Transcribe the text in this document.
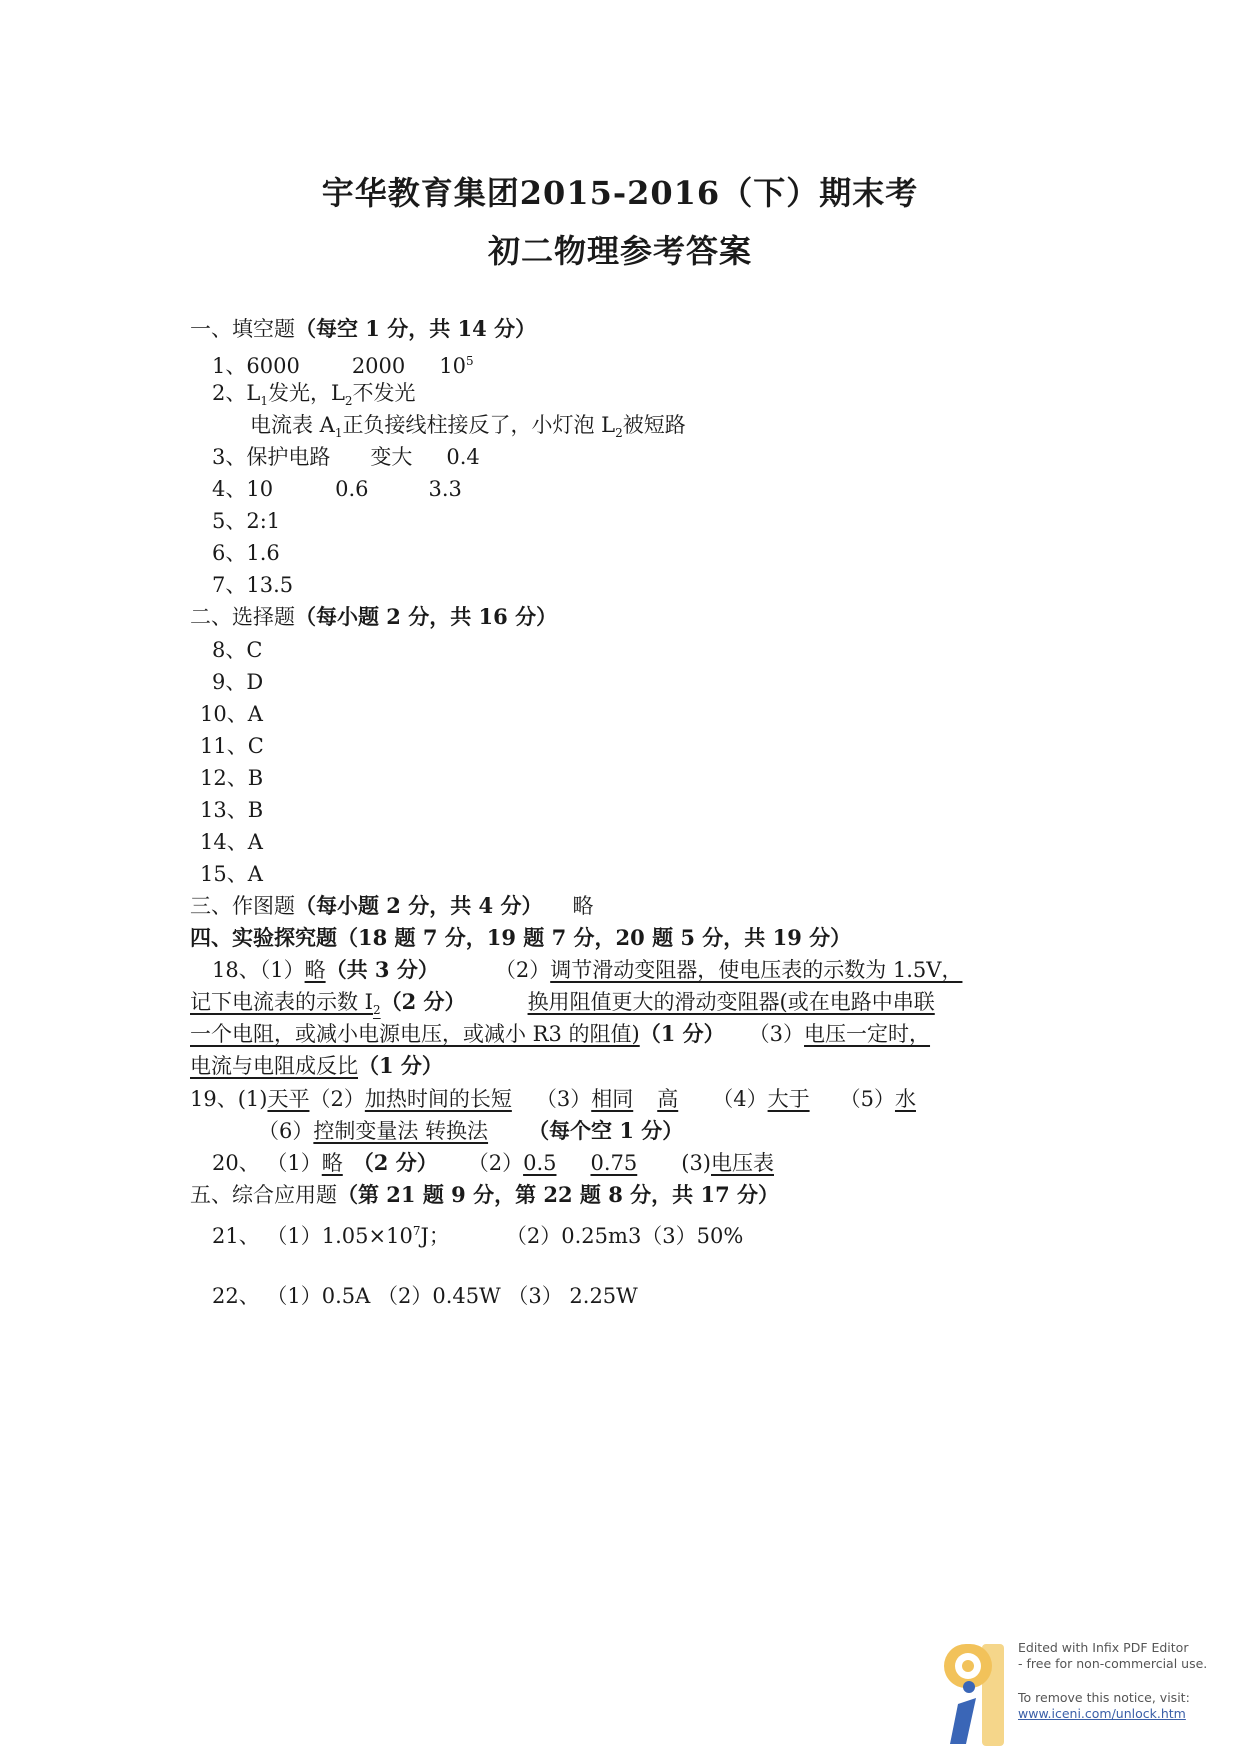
宇华教育集团2015-2016（下）期末考
初二物理参考答案
一、填空题（每空 1 分，共 14 分）
1、6000 2000 $10^5$
2、$L_1$发光，$L_2$不发光
电流表 $A_1$正负接线柱接反了，小灯泡 $L_2$被短路
3、保护电路 变大 0.4
4、10	0.6	3.3
5、2:1
6、1.6
7、13.5
二、选择题（每小题 2 分，共 16 分）
8、C
9、D
10、A
11、C
12、B
13、B
14、A
15、A
三、作图题（每小题 2 分，共 4 分） 略
四、实验探究题（18 题 7 分，19 题 7 分，20 题 5 分，共 19 分）
18、（1）略（共 3 分）	（2）调节滑动变阻器，使电压表的示数为 1.5V，
记下电流表的示数 $I_2(2$ 分）	换用阻值更大的滑动变阻器(或在电路中串联
一个电阻，或减小电源电压，或减小 R3 的阻值)（1 分） （3）电压一定时，
电流与电阻成反比（1 分）
19、(1)天平（2）加热时间的长短 （3）相同 高 （4）大于 （5）水
（6）控制变量法 转换法 （每个空 1 分）
20、 （1）略 （2 分） （2）0.5 0.75 (3)电压表
五、综合应用题（第 21 题 9 分，第 22 题 8 分，共 17 分）
21、 $(1)1.05\times 10^7J$；	（2）0.25m3（3）50%
22、 （1）0.5A （2）0.45W （3） 2.25W
Edited with Infix PDF Editor
- free for non-commercial use.
To remove this notice, visit:
www.iceni.com/unlock.htm
